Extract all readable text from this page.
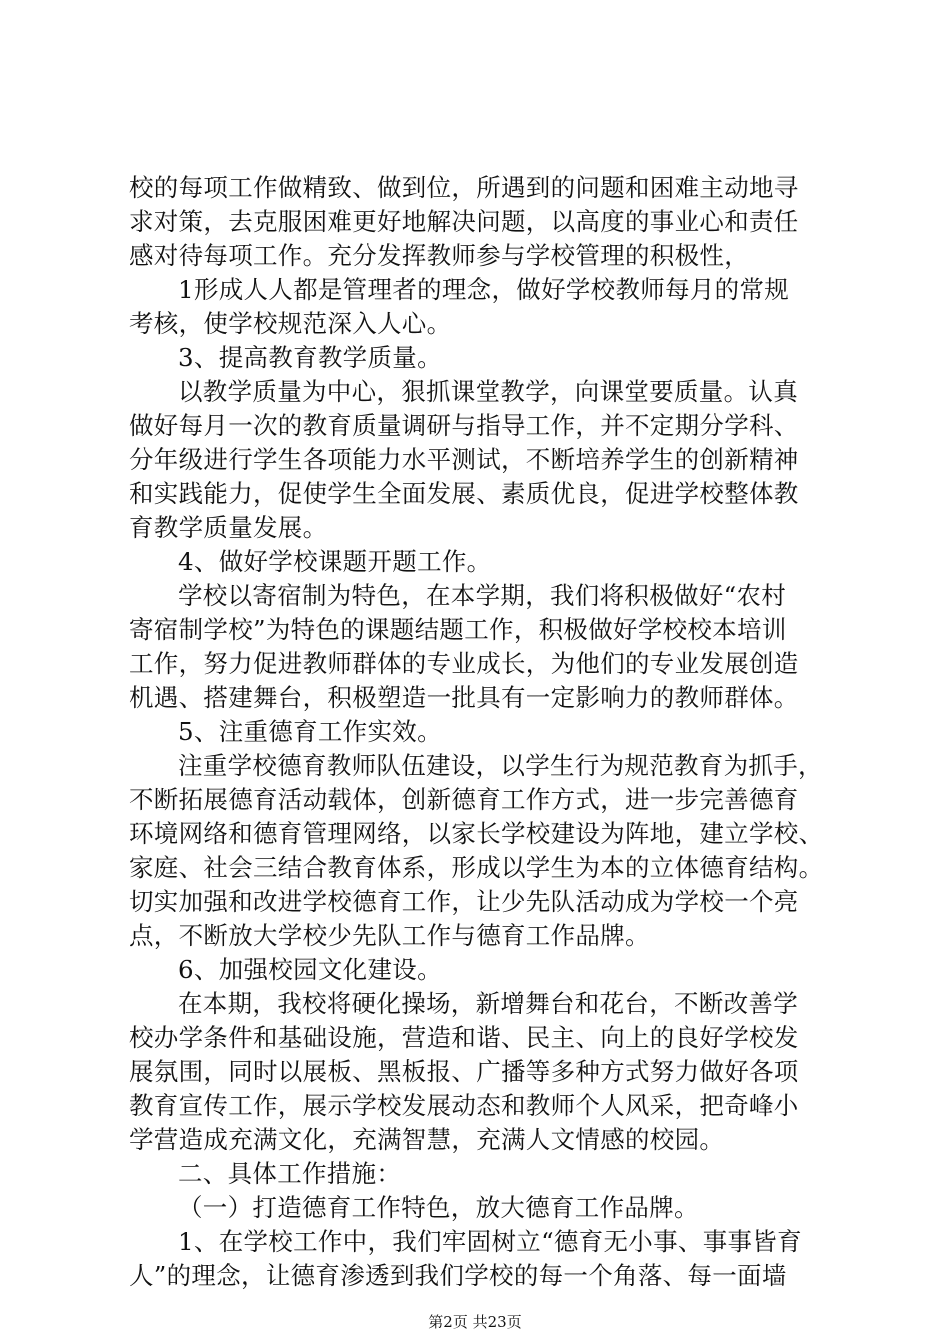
校的每项工作做精致、做到位，所遇到的问题和困难主动地寻
求对策，去克服困难更好地解决问题，以高度的事业心和责任
感对待每项工作。充分发挥教师参与学校管理的积极性，
1形成人人都是管理者的理念，做好学校教师每月的常规
考核，使学校规范深入人心。
3、提高教育教学质量。
以教学质量为中心，狠抓课堂教学，向课堂要质量。认真
做好每月一次的教育质量调研与指导工作，并不定期分学科、
分年级进行学生各项能力水平测试，不断培养学生的创新精神
和实践能力，促使学生全面发展、素质优良，促进学校整体教
育教学质量发展。
4、做好学校课题开题工作。
学校以寄宿制为特色，在本学期，我们将积极做好“农村
寄宿制学校”为特色的课题结题工作，积极做好学校校本培训
工作，努力促进教师群体的专业成长，为他们的专业发展创造
机遇、搭建舞台，积极塑造一批具有一定影响力的教师群体。
5、注重德育工作实效。
注重学校德育教师队伍建设，以学生行为规范教育为抓手，
不断拓展德育活动载体，创新德育工作方式，进一步完善德育
环境网络和德育管理网络，以家长学校建设为阵地，建立学校、
家庭、社会三结合教育体系，形成以学生为本的立体德育结构。
切实加强和改进学校德育工作，让少先队活动成为学校一个亮
点，不断放大学校少先队工作与德育工作品牌。
6、加强校园文化建设。
在本期，我校将硬化操场，新增舞台和花台，不断改善学
校办学条件和基础设施，营造和谐、民主、向上的良好学校发
展氛围，同时以展板、黑板报、广播等多种方式努力做好各项
教育宣传工作，展示学校发展动态和教师个人风采，把奇峰小
学营造成充满文化，充满智慧，充满人文情感的校园。
二、具体工作措施：
（一）打造德育工作特色，放大德育工作品牌。
1、在学校工作中，我们牢固树立“德育无小事、事事皆育
人”的理念，让德育渗透到我们学校的每一个角落、每一面墙
第2页 共23页
